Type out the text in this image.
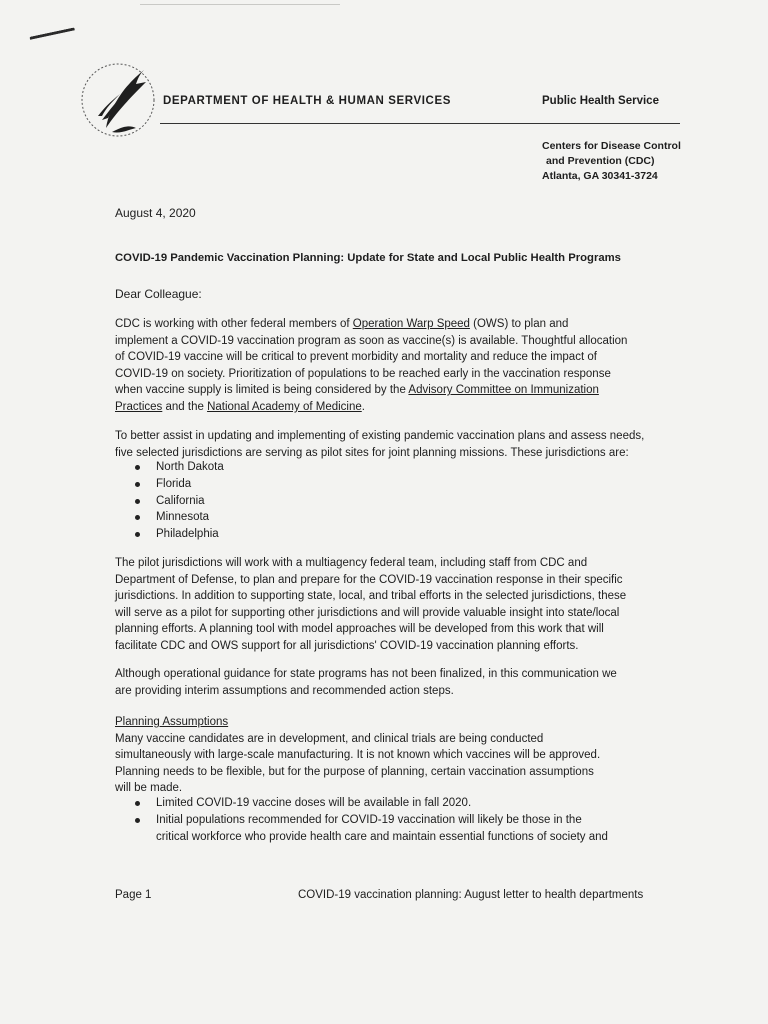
DEPARTMENT OF HEALTH & HUMAN SERVICES	Public Health Service
Centers for Disease Control
and Prevention (CDC)
Atlanta, GA 30341-3724
August 4, 2020
COVID-19 Pandemic Vaccination Planning: Update for State and Local Public Health Programs
Dear Colleague:
CDC is working with other federal members of Operation Warp Speed (OWS) to plan and
implement a COVID-19 vaccination program as soon as vaccine(s) is available. Thoughtful allocation
of COVID-19 vaccine will be critical to prevent morbidity and mortality and reduce the impact of
COVID-19 on society. Prioritization of populations to be reached early in the vaccination response
when vaccine supply is limited is being considered by the Advisory Committee on Immunization
Practices and the National Academy of Medicine.
To better assist in updating and implementing of existing pandemic vaccination plans and assess needs,
five selected jurisdictions are serving as pilot sites for joint planning missions. These jurisdictions are:
North Dakota
Florida
California
Minnesota
Philadelphia
The pilot jurisdictions will work with a multiagency federal team, including staff from CDC and
Department of Defense, to plan and prepare for the COVID-19 vaccination response in their specific
jurisdictions. In addition to supporting state, local, and tribal efforts in the selected jurisdictions, these
will serve as a pilot for supporting other jurisdictions and will provide valuable insight into state/local
planning efforts. A planning tool with model approaches will be developed from this work that will
facilitate CDC and OWS support for all jurisdictions' COVID-19 vaccination planning efforts.
Although operational guidance for state programs has not been finalized, in this communication we
are providing interim assumptions and recommended action steps.
Planning Assumptions
Many vaccine candidates are in development, and clinical trials are being conducted
simultaneously with large-scale manufacturing. It is not known which vaccines will be approved.
Planning needs to be flexible, but for the purpose of planning, certain vaccination assumptions
will be made.
Limited COVID-19 vaccine doses will be available in fall 2020.
Initial populations recommended for COVID-19 vaccination will likely be those in the
critical workforce who provide health care and maintain essential functions of society and
Page 1	COVID-19 vaccination planning: August letter to health departments
